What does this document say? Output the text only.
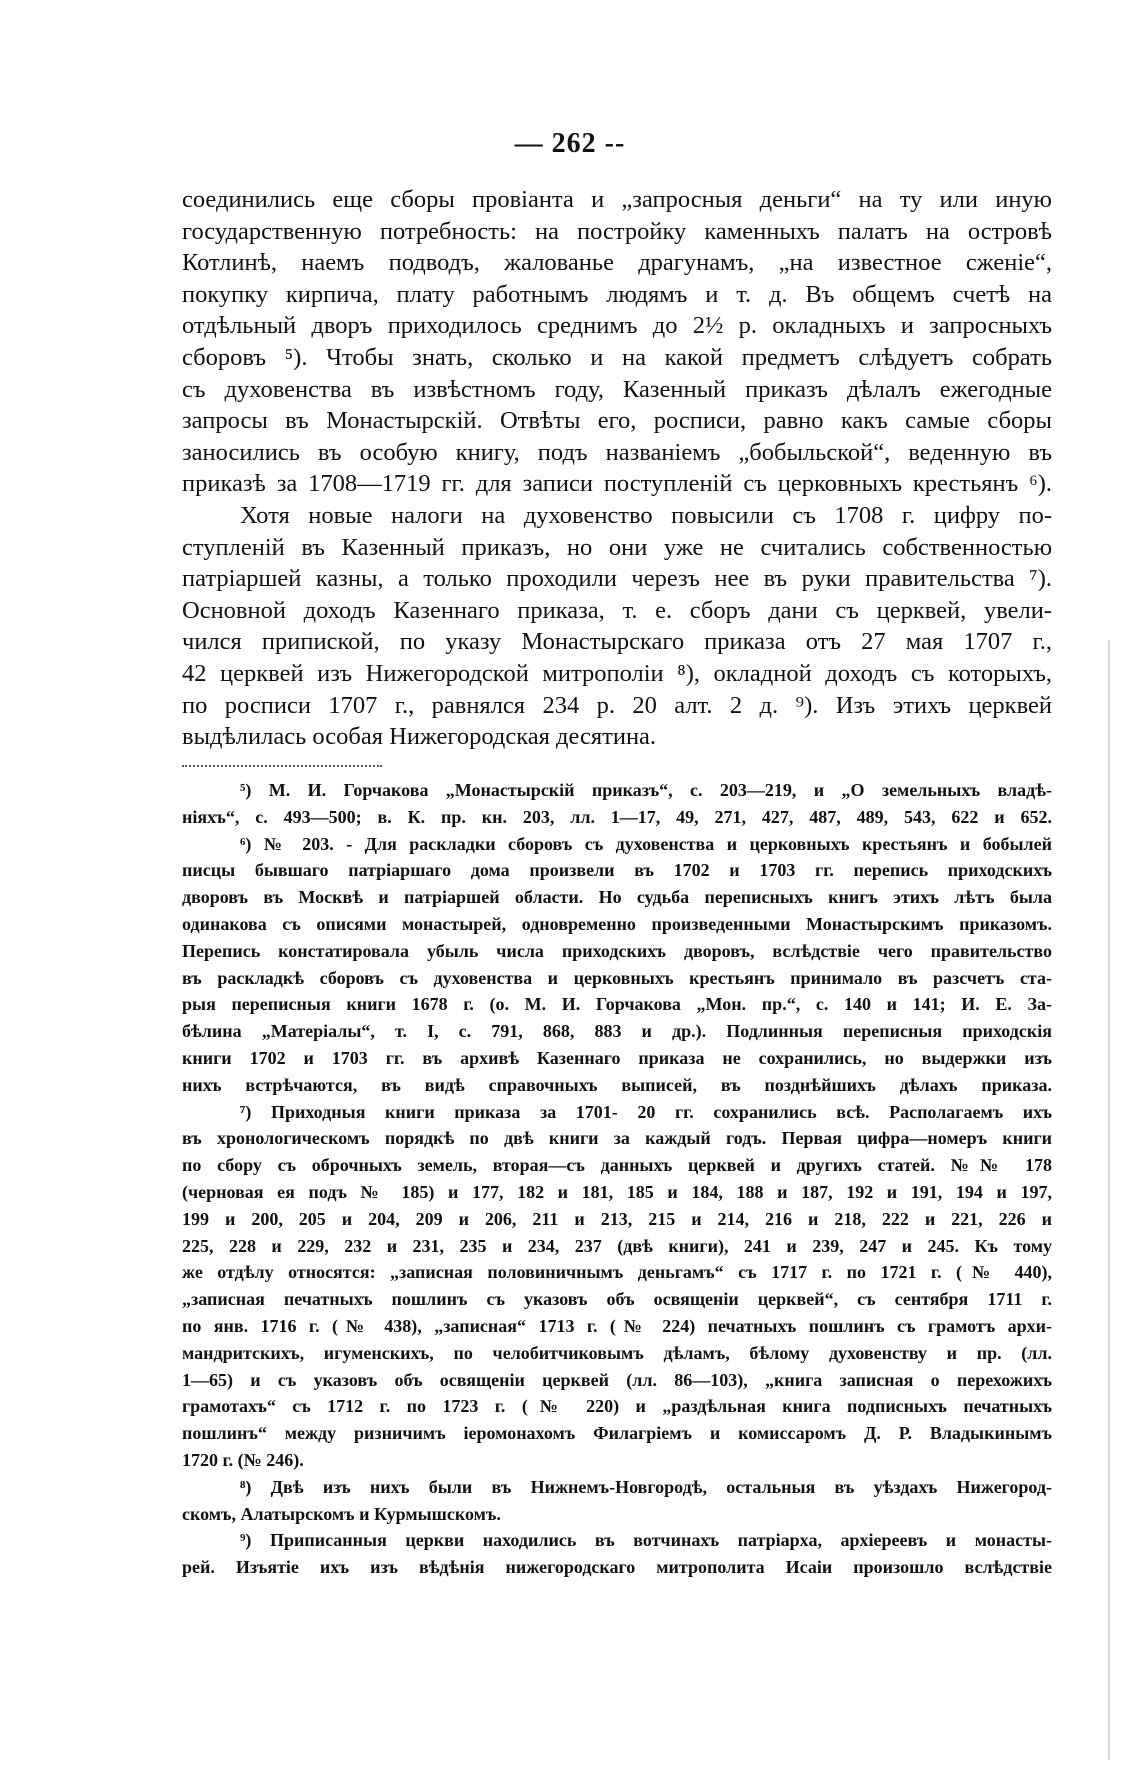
— 262 --
соединились еще сборы провіанта и „запросныя деньги“ на ту или иную
государственную потребность: на постройку каменныхъ палатъ на островѣ
Котлинѣ, наемъ подводъ, жалованье драгунамъ, „на известное сженіе“,
покупку кирпича, плату работнымъ людямъ и т. д. Въ общемъ счетѣ на
отдѣльный дворъ приходилось среднимъ до 2½ р. окладныхъ и запросныхъ
сборовъ ⁵). Чтобы знать, сколько и на какой предметъ слѣдуетъ собрать
съ духовенства въ извѣстномъ году, Казенный приказъ дѣлалъ ежегодные
запросы въ Монастырскій. Отвѣты его, росписи, равно какъ самые сборы
заносились въ особую книгу, подъ названіемъ „бобыльской“, веденную въ
приказѣ за 1708—1719 гг. для записи поступленій съ церковныхъ крестьянъ ⁶).
Хотя новые налоги на духовенство повысили съ 1708 г. цифру по-
ступленій въ Казенный приказъ, но они уже не считались собственностью
патріаршей казны, а только проходили черезъ нее въ руки правительства ⁷).
Основной доходъ Казеннаго приказа, т. е. сборъ дани съ церквей, увели-
чился припиской, по указу Монастырскаго приказа отъ 27 мая 1707 г.,
42 церквей изъ Нижегородской митрополіи ⁸), окладной доходъ съ которыхъ,
по росписи 1707 г., равнялся 234 р. 20 алт. 2 д. ⁹). Изъ этихъ церквей
выдѣлилась особая Нижегородская десятина.
⁵) М. И. Горчакова „Монастырскій приказъ“, с. 203—219, и „О земельныхъ владѣ-
ніяхъ“, с. 493—500; в. К. пр. кн. 203, лл. 1—17, 49, 271, 427, 487, 489, 543, 622 и 652.
⁶) № 203. - Для раскладки сборовъ съ духовенства и церковныхъ крестьянъ и бобылей
писцы бывшаго патріаршаго дома произвели въ 1702 и 1703 гг. перепись приходскихъ
дворовъ въ Москвѣ и патріаршей области. Но судьба переписныхъ книгъ этихъ лѣтъ была
одинакова съ описями монастырей, одновременно произведенными Монастырскимъ приказомъ.
Перепись констатировала убыль числа приходскихъ дворовъ, вслѣдствіе чего правительство
въ раскладкѣ сборовъ съ духовенства и церковныхъ крестьянъ принимало въ разсчетъ ста-
рыя переписныя книги 1678 г. (о. М. И. Горчакова „Мон. пр.“, с. 140 и 141; И. Е. За-
бѣлина „Матеріалы“, т. I, с. 791, 868, 883 и др.). Подлинныя переписныя приходскія
книги 1702 и 1703 гг. въ архивѣ Казеннаго приказа не сохранились, но выдержки изъ
нихъ встрѣчаются, въ видѣ справочныхъ выписей, въ позднѣйшихъ дѣлахъ приказа.
⁷) Приходныя книги приказа за 1701- 20 гг. сохранились всѣ. Располагаемъ ихъ
въ хронологическомъ порядкѣ по двѣ книги за каждый годъ. Первая цифра—номеръ книги
по сбору съ оброчныхъ земель, вторая—съ данныхъ церквей и другихъ статей. №№ 178
(черновая ея подъ № 185) и 177, 182 и 181, 185 и 184, 188 и 187, 192 и 191, 194 и 197,
199 и 200, 205 и 204, 209 и 206, 211 и 213, 215 и 214, 216 и 218, 222 и 221, 226 и
225, 228 и 229, 232 и 231, 235 и 234, 237 (двѣ книги), 241 и 239, 247 и 245. Къ тому
же отдѣлу относятся: „записная половиничнымъ деньгамъ“ съ 1717 г. по 1721 г. (№ 440),
„записная печатныхъ пошлинъ съ указовъ объ освященіи церквей“, съ сентября 1711 г.
по янв. 1716 г. (№ 438), „записная“ 1713 г. (№ 224) печатныхъ пошлинъ съ грамотъ архи-
мандритскихъ, игуменскихъ, по челобитчиковымъ дѣламъ, бѣлому духовенству и пр. (лл.
1—65) и съ указовъ объ освященіи церквей (лл. 86—103), „книга записная о перехожихъ
грамотахъ“ съ 1712 г. по 1723 г. (№ 220) и „раздѣльная книга подписныхъ печатныхъ
пошлинъ“ между ризничимъ іеромонахомъ Филагріемъ и комиссаромъ Д. Р. Владыкинымъ
1720 г. (№ 246).
⁸) Двѣ изъ нихъ были въ Нижнемъ-Новгородѣ, остальныя въ уѣздахъ Нижегород-
скомъ, Алатырскомъ и Курмышскомъ.
⁹) Приписанныя церкви находились въ вотчинахъ патріарха, архіереевъ и монасты-
рей. Изъятіе ихъ изъ вѣдѣнія нижегородскаго митрополита Исаіи произошло вслѣдствіе
